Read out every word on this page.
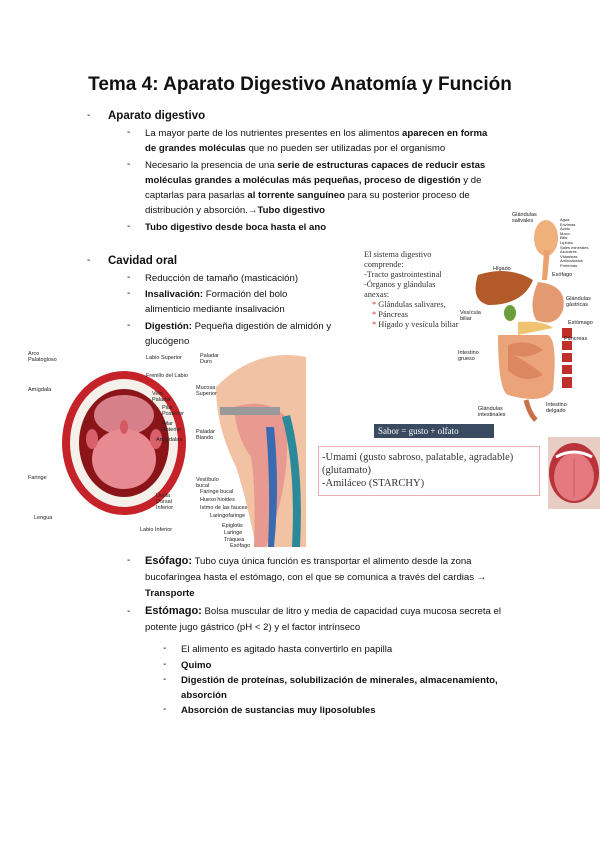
Tema 4: Aparato Digestivo Anatomía y Función
- Aparato digestivo
- La mayor parte de los nutrientes presentes en los alimentos aparecen en forma de grandes moléculas que no pueden ser utilizadas por el organismo
- Necesario la presencia de una serie de estructuras capaces de reducir estas moléculas grandes a moléculas más pequeñas, proceso de digestión y de captarlas para pasarlas al torrente sanguíneo para su posterior proceso de distribución y absorción.→Tubo digestivo
- Tubo digestivo desde boca hasta el ano
- Cavidad oral
- Reducción de tamaño (masticación)
- Insalivación: Formación del bolo alimenticio mediante insalivación
- Digestión: Pequeña digestión de almidón y glucógeno
El sistema digestivo
comprende:
-Tracto gastrointestinal
-Órganos y glándulas
anexas:
* Glándulas salivares,
* Páncreas
* Hígado y vesícula biliar
Glándulas salivales
Hígado
Esófago
Glándulas gástricas
Estómago
Páncreas
Vesícula biliar
Intestino grueso
Glándulas intestinales
Intestino delgado
Agua
Enzimas
Ácido
Moco
Bilis
Lípidos
Sales minerales
Azúcares
Vitaminas
Aminoácidos
Proteínas
Sabor = gusto + olfato
-Umami (gusto sabroso, palatable, agradable)
(glutamato)
-Amiláceo (STARCHY)
Arco Palatogloso
Amígdala
Faringe
Lengua
Labio Superior
Frenillo del Labio
Velo Paladar
Pilar Posterior
Pilar Anterior
Amígdalas
Úvula Dorsal Inferior
Labio Inferior
Paladar Duro
Mucosa Superior
Paladar Blando
Vestíbulo bucal
Faringe bucal
Hueso hioides
Istmo de las fauces
Laringofaringe
Epiglotis
Laringe
Tráquea
Esófago
- Esófago: Tubo cuya única función es transportar el alimento desde la zona bucofaríngea hasta el estómago, con el que se comunica a través del cardias → Transporte
- Estómago: Bolsa muscular de litro y media de capacidad cuya mucosa secreta el potente jugo gástrico (pH < 2) y el factor intrínseco
- El alimento es agitado hasta convertirlo en papilla
- Quimo
- Digestión de proteínas, solubilización de minerales, almacenamiento, absorción
- Absorción de sustancias muy liposolubles
